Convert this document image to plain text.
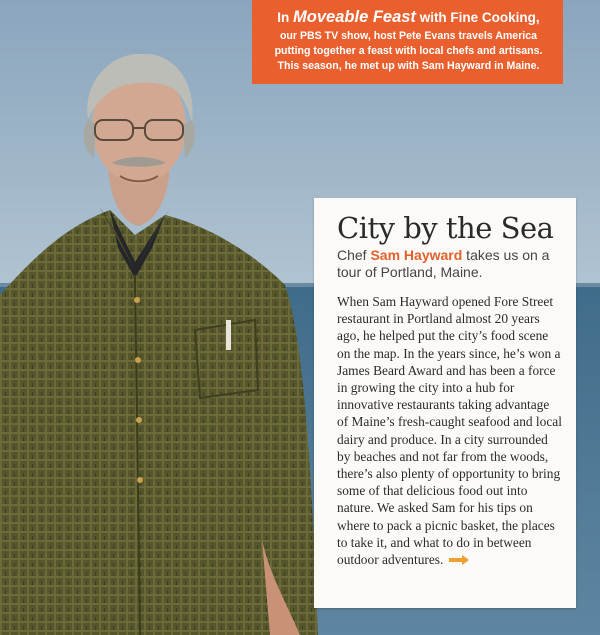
In Moveable Feast with Fine Cooking,
our PBS TV show, host Pete Evans travels America putting together a feast with local chefs and artisans. This season, he met up with Sam Hayward in Maine.
City by the Sea
Chef Sam Hayward takes us on a tour of Portland, Maine.
When Sam Hayward opened Fore Street restaurant in Portland almost 20 years ago, he helped put the city’s food scene on the map. In the years since, he’s won a James Beard Award and has been a force in growing the city into a hub for innovative restaurants taking advantage of Maine’s fresh-caught seafood and local dairy and produce. In a city surrounded by beaches and not far from the woods, there’s also plenty of opportunity to bring some of that delicious food out into nature. We asked Sam for his tips on where to pack a picnic basket, the places to take it, and what to do in between outdoor adventures.
